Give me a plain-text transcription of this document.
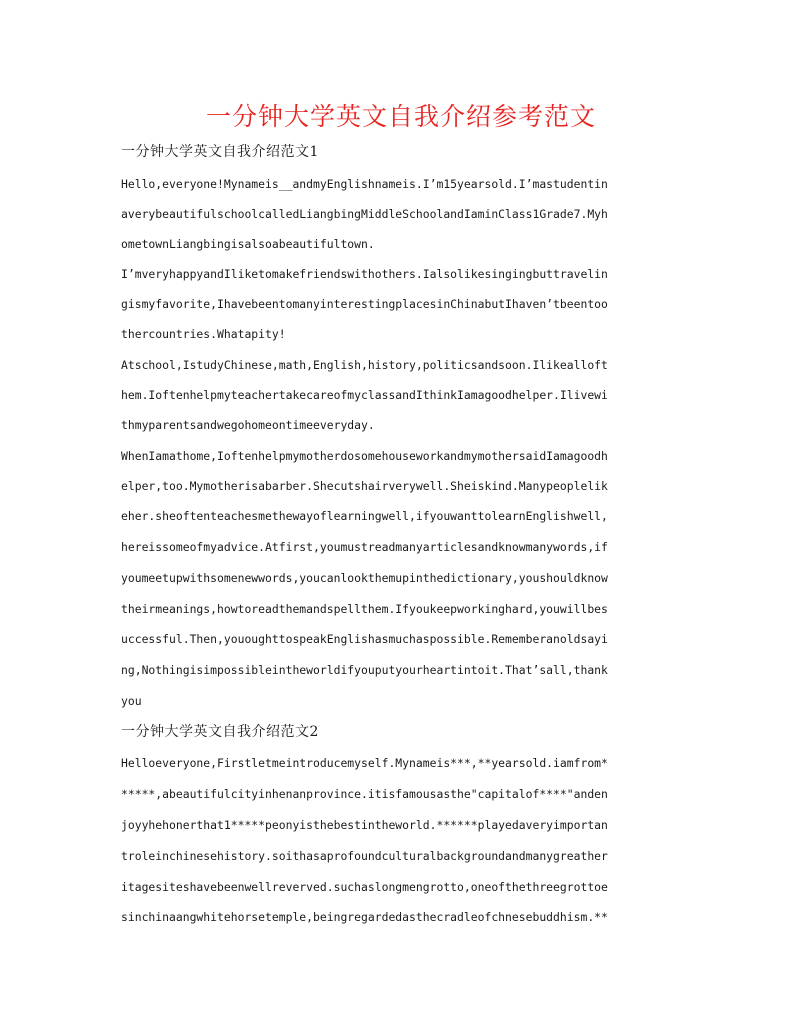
一分钟大学英文自我介绍参考范文
一分钟大学英文自我介绍范文1
Hello,everyone!Mynameis__andmyEnglishnameis.I’m15yearsold.I’mastudentin
averybeautifulschoolcalledLiangbingMiddleSchoolandIaminClass1Grade7.Myh
ometownLiangbingisalsoabeautifultown.
I’mveryhappyandIliketomakefriendswithothers.Ialsolikesingingbuttravelin
gismyfavorite,IhavebeentomanyinterestingplacesinChinabutIhaven’tbeentoo
thercountries.Whatapity!
Atschool,IstudyChinese,math,English,history,politicsandsoon.Ilikealloft
hem.IoftenhelpmyteachertakecareofmyclassandIthinkIamagoodhelper.Ilivewi
thmyparentsandwegohomeontimeeveryday.
WhenIamathome,IoftenhelpmymotherdosomehouseworkandmymothersaidIamagoodh
elper,too.Mymotherisabarber.Shecutshairverywell.Sheiskind.Manypeoplelik
eher.sheoftenteachesmethewayoflearningwell,ifyouwanttolearnEnglishwell,
hereissomeofmyadvice.Atfirst,youmustreadmanyarticlesandknowmanywords,if
youmeetupwithsomenewwords,youcanlookthemupinthedictionary,youshouldknow
theirmeanings,howtoreadthemandspellthem.Ifyoukeepworkinghard,youwillbes
uccessful.Then,yououghttospeakEnglishasmuchaspossible.Rememberanoldsayi
ng,Nothingisimpossibleintheworldifyouputyourheartintoit.That’sall,thank
you
一分钟大学英文自我介绍范文2
Helloeveryone,Firstletmeintroducemyself.Mynameis***,**yearsold.iamfrom*
*****,abeautifulcityinhenanprovince.itisfamousasthe"capitalof****"anden
joyyhehonerthat1*****peonyisthebestintheworld.******playedaveryimportan
troleinchinesehistory.soithasaprofoundculturalbackgroundandmanygreather
itagesiteshavebeenwellreverved.suchaslongmengrotto,oneofthethreegrottoe
sinchinaangwhitehorsetemple,beingregardedasthecradleofchnesebuddhism.**
